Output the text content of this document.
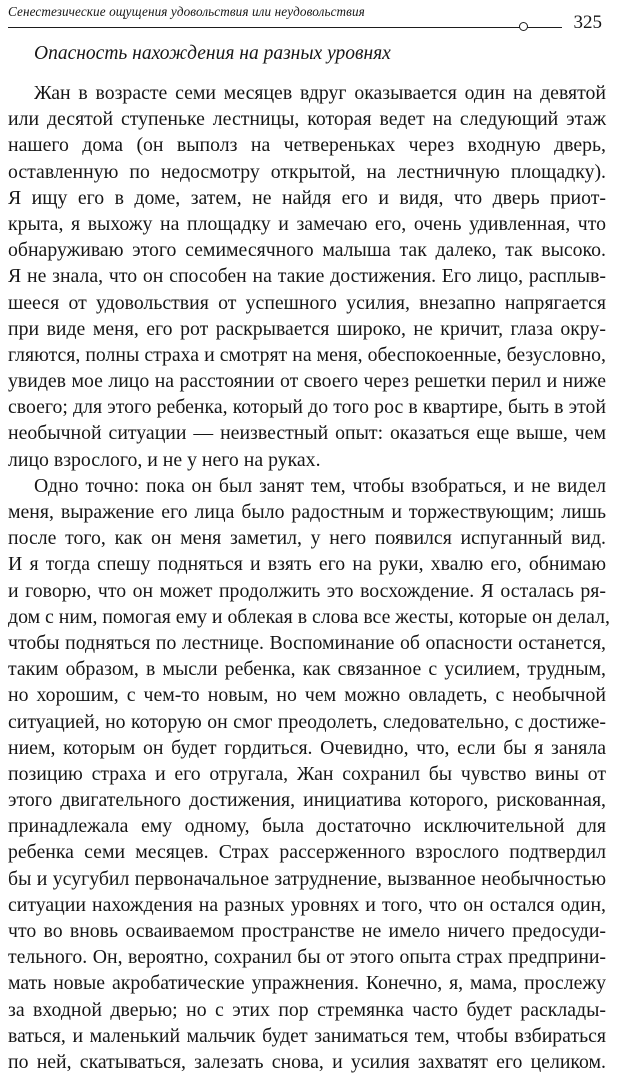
Сенестезические ощущения удовольствия или неудовольствия
325
Опасность нахождения на разных уровнях
Жан в возрасте семи месяцев вдруг оказывается один на девятой
или десятой ступеньке лестницы, которая ведет на следующий этаж
нашего дома (он выполз на четвереньках через входную дверь,
оставленную по недосмотру открытой, на лестничную площадку).
Я ищу его в доме, затем, не найдя его и видя, что дверь приот-
крыта, я выхожу на площадку и замечаю его, очень удивленная, что
обнаруживаю этого семимесячного малыша так далеко, так высоко.
Я не знала, что он способен на такие достижения. Его лицо, расплыв-
шееся от удовольствия от успешного усилия, внезапно напрягается
при виде меня, его рот раскрывается широко, не кричит, глаза окру-
гляются, полны страха и смотрят на меня, обеспокоенные, безусловно,
увидев мое лицо на расстоянии от своего через решетки перил и ниже
своего; для этого ребенка, который до того рос в квартире, быть в этой
необычной ситуации — неизвестный опыт: оказаться еще выше, чем
лицо взрослого, и не у него на руках.
Одно точно: пока он был занят тем, чтобы взобраться, и не видел
меня, выражение его лица было радостным и торжествующим; лишь
после того, как он меня заметил, у него появился испуганный вид.
И я тогда спешу подняться и взять его на руки, хвалю его, обнимаю
и говорю, что он может продолжить это восхождение. Я осталась ря-
дом с ним, помогая ему и облекая в слова все жесты, которые он делал,
чтобы подняться по лестнице. Воспоминание об опасности останется,
таким образом, в мысли ребенка, как связанное с усилием, трудным,
но хорошим, с чем-то новым, но чем можно овладеть, с необычной
ситуацией, но которую он смог преодолеть, следовательно, с достиже-
нием, которым он будет гордиться. Очевидно, что, если бы я заняла
позицию страха и его отругала, Жан сохранил бы чувство вины от
этого двигательного достижения, инициатива которого, рискованная,
принадлежала ему одному, была достаточно исключительной для
ребенка семи месяцев. Страх рассерженного взрослого подтвердил
бы и усугубил первоначальное затруднение, вызванное необычностью
ситуации нахождения на разных уровнях и того, что он остался один,
что во вновь осваиваемом пространстве не имело ничего предосуди-
тельного. Он, вероятно, сохранил бы от этого опыта страх предприни-
мать новые акробатические упражнения. Конечно, я, мама, прослежу
за входной дверью; но с этих пор стремянка часто будет расклады-
ваться, и маленький мальчик будет заниматься тем, чтобы взбираться
по ней, скатываться, залезать снова, и усилия захватят его целиком.
